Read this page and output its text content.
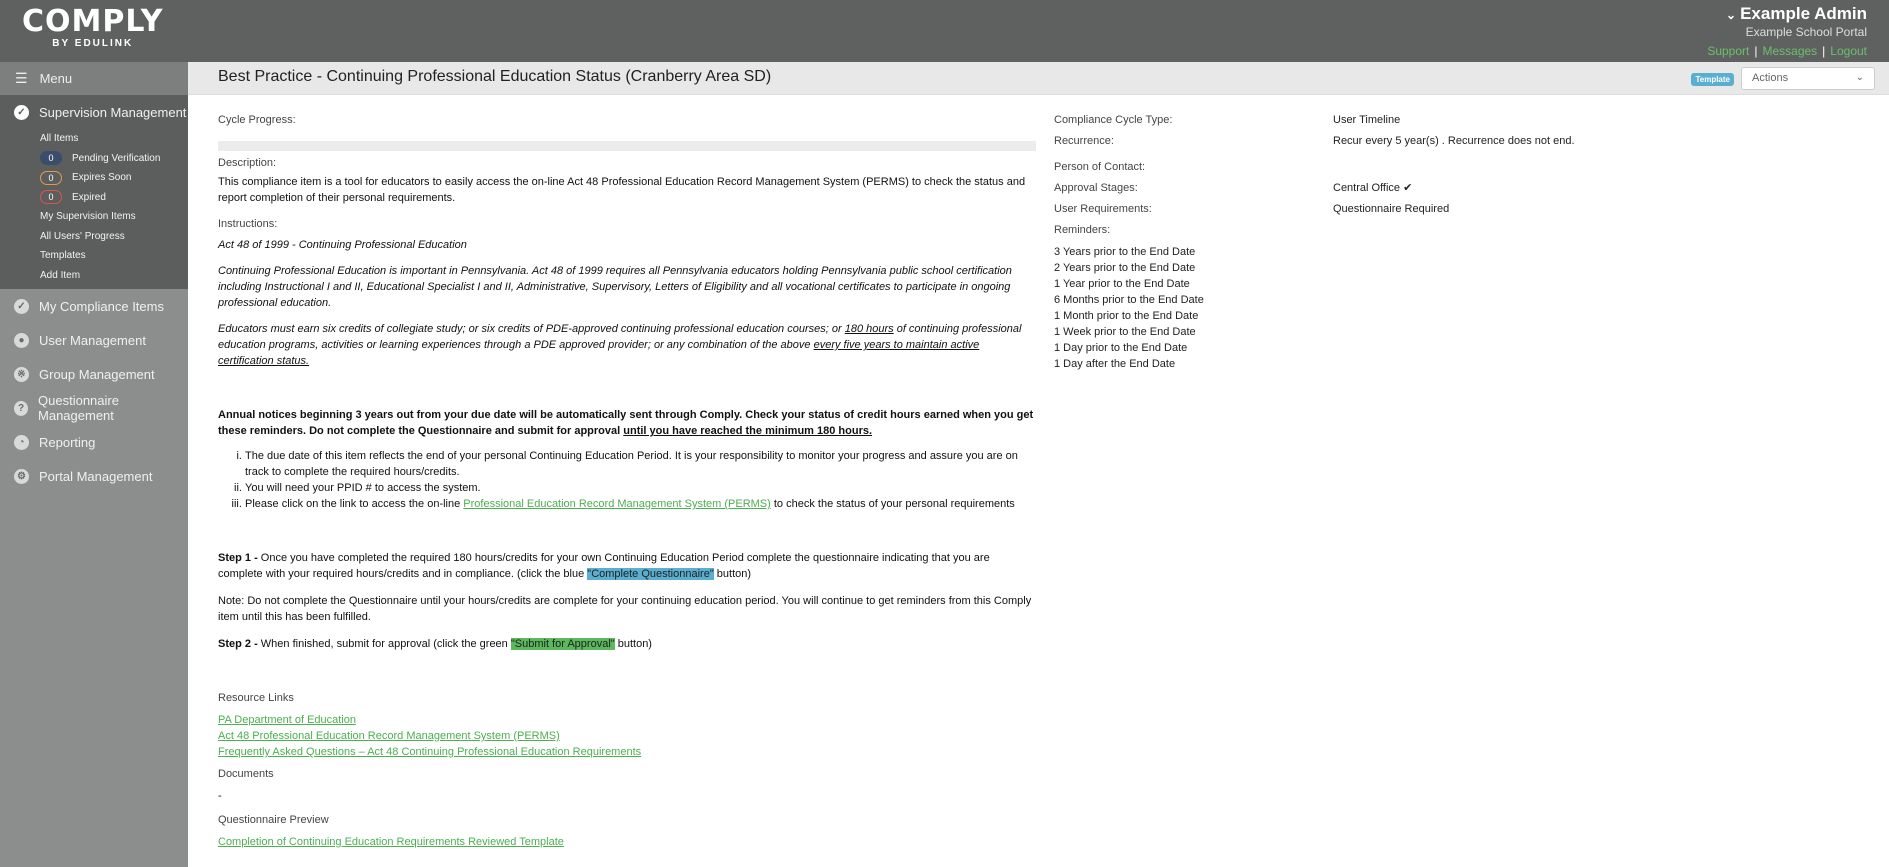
COMPLY
BY EDULINK
⌄ Example Admin
Example School Portal
Support | Messages | Logout
☰ Menu
✓ Supervision Management
All Items
0	Pending Verification
0	Expires Soon
0	Expired
My Supervision Items
All Users' Progress
Templates
Add Item
✓ My Compliance Items
●	User Management
※ Group Management
?	Questionnaire Management
◔	Reporting
⚙ Portal Management
Best Practice - Continuing Professional Education Status (Cranberry Area SD)	Template	Actions	⌄
Cycle Progress:
Description:
This compliance item is a tool for educators to easily access the on-line Act 48 Professional Education Record Management System (PERMS) to check the status and report completion of their personal requirements.
Instructions:
Act 48 of 1999 - Continuing Professional Education
Continuing Professional Education is important in Pennsylvania. Act 48 of 1999 requires all Pennsylvania educators holding Pennsylvania public school certification including Instructional I and II, Educational Specialist I and II, Administrative, Supervisory, Letters of Eligibility and all vocational certificates to participate in ongoing professional education.
Educators must earn six credits of collegiate study; or six credits of PDE-approved continuing professional education courses; or 180 hours of continuing professional education programs, activities or learning experiences through a PDE approved provider; or any combination of the above every five years to maintain active certification status.
Annual notices beginning 3 years out from your due date will be automatically sent through Comply. Check your status of credit hours earned when you get these reminders. Do not complete the Questionnaire and submit for approval until you have reached the minimum 180 hours.
i. The due date of this item reflects the end of your personal Continuing Education Period. It is your responsibility to monitor your progress and assure you are on track to complete the required hours/credits.
ii. You will need your PPID # to access the system.
iii. Please click on the link to access the on-line Professional Education Record Management System (PERMS) to check the status of your personal requirements
Step 1 - Once you have completed the required 180 hours/credits for your own Continuing Education Period complete the questionnaire indicating that you are complete with your required hours/credits and in compliance. (click the blue "Complete Questionnaire" button)
Note: Do not complete the Questionnaire until your hours/credits are complete for your continuing education period. You will continue to get reminders from this Comply item until this has been fulfilled.
Step 2 - When finished, submit for approval (click the green "Submit for Approval" button)
Resource Links
PA Department of Education
Act 48 Professional Education Record Management System (PERMS)
Frequently Asked Questions – Act 48 Continuing Professional Education Requirements
Documents
-
Questionnaire Preview
Completion of Continuing Education Requirements Reviewed Template
Compliance Cycle Type:	User Timeline
Recurrence:	Recur every 5 year(s) . Recurrence does not end.
Person of Contact:
Approval Stages:	Central Office ✔
User Requirements:	Questionnaire Required
Reminders:
3 Years prior to the End Date
2 Years prior to the End Date
1 Year prior to the End Date
6 Months prior to the End Date
1 Month prior to the End Date
1 Week prior to the End Date
1 Day prior to the End Date
1 Day after the End Date
